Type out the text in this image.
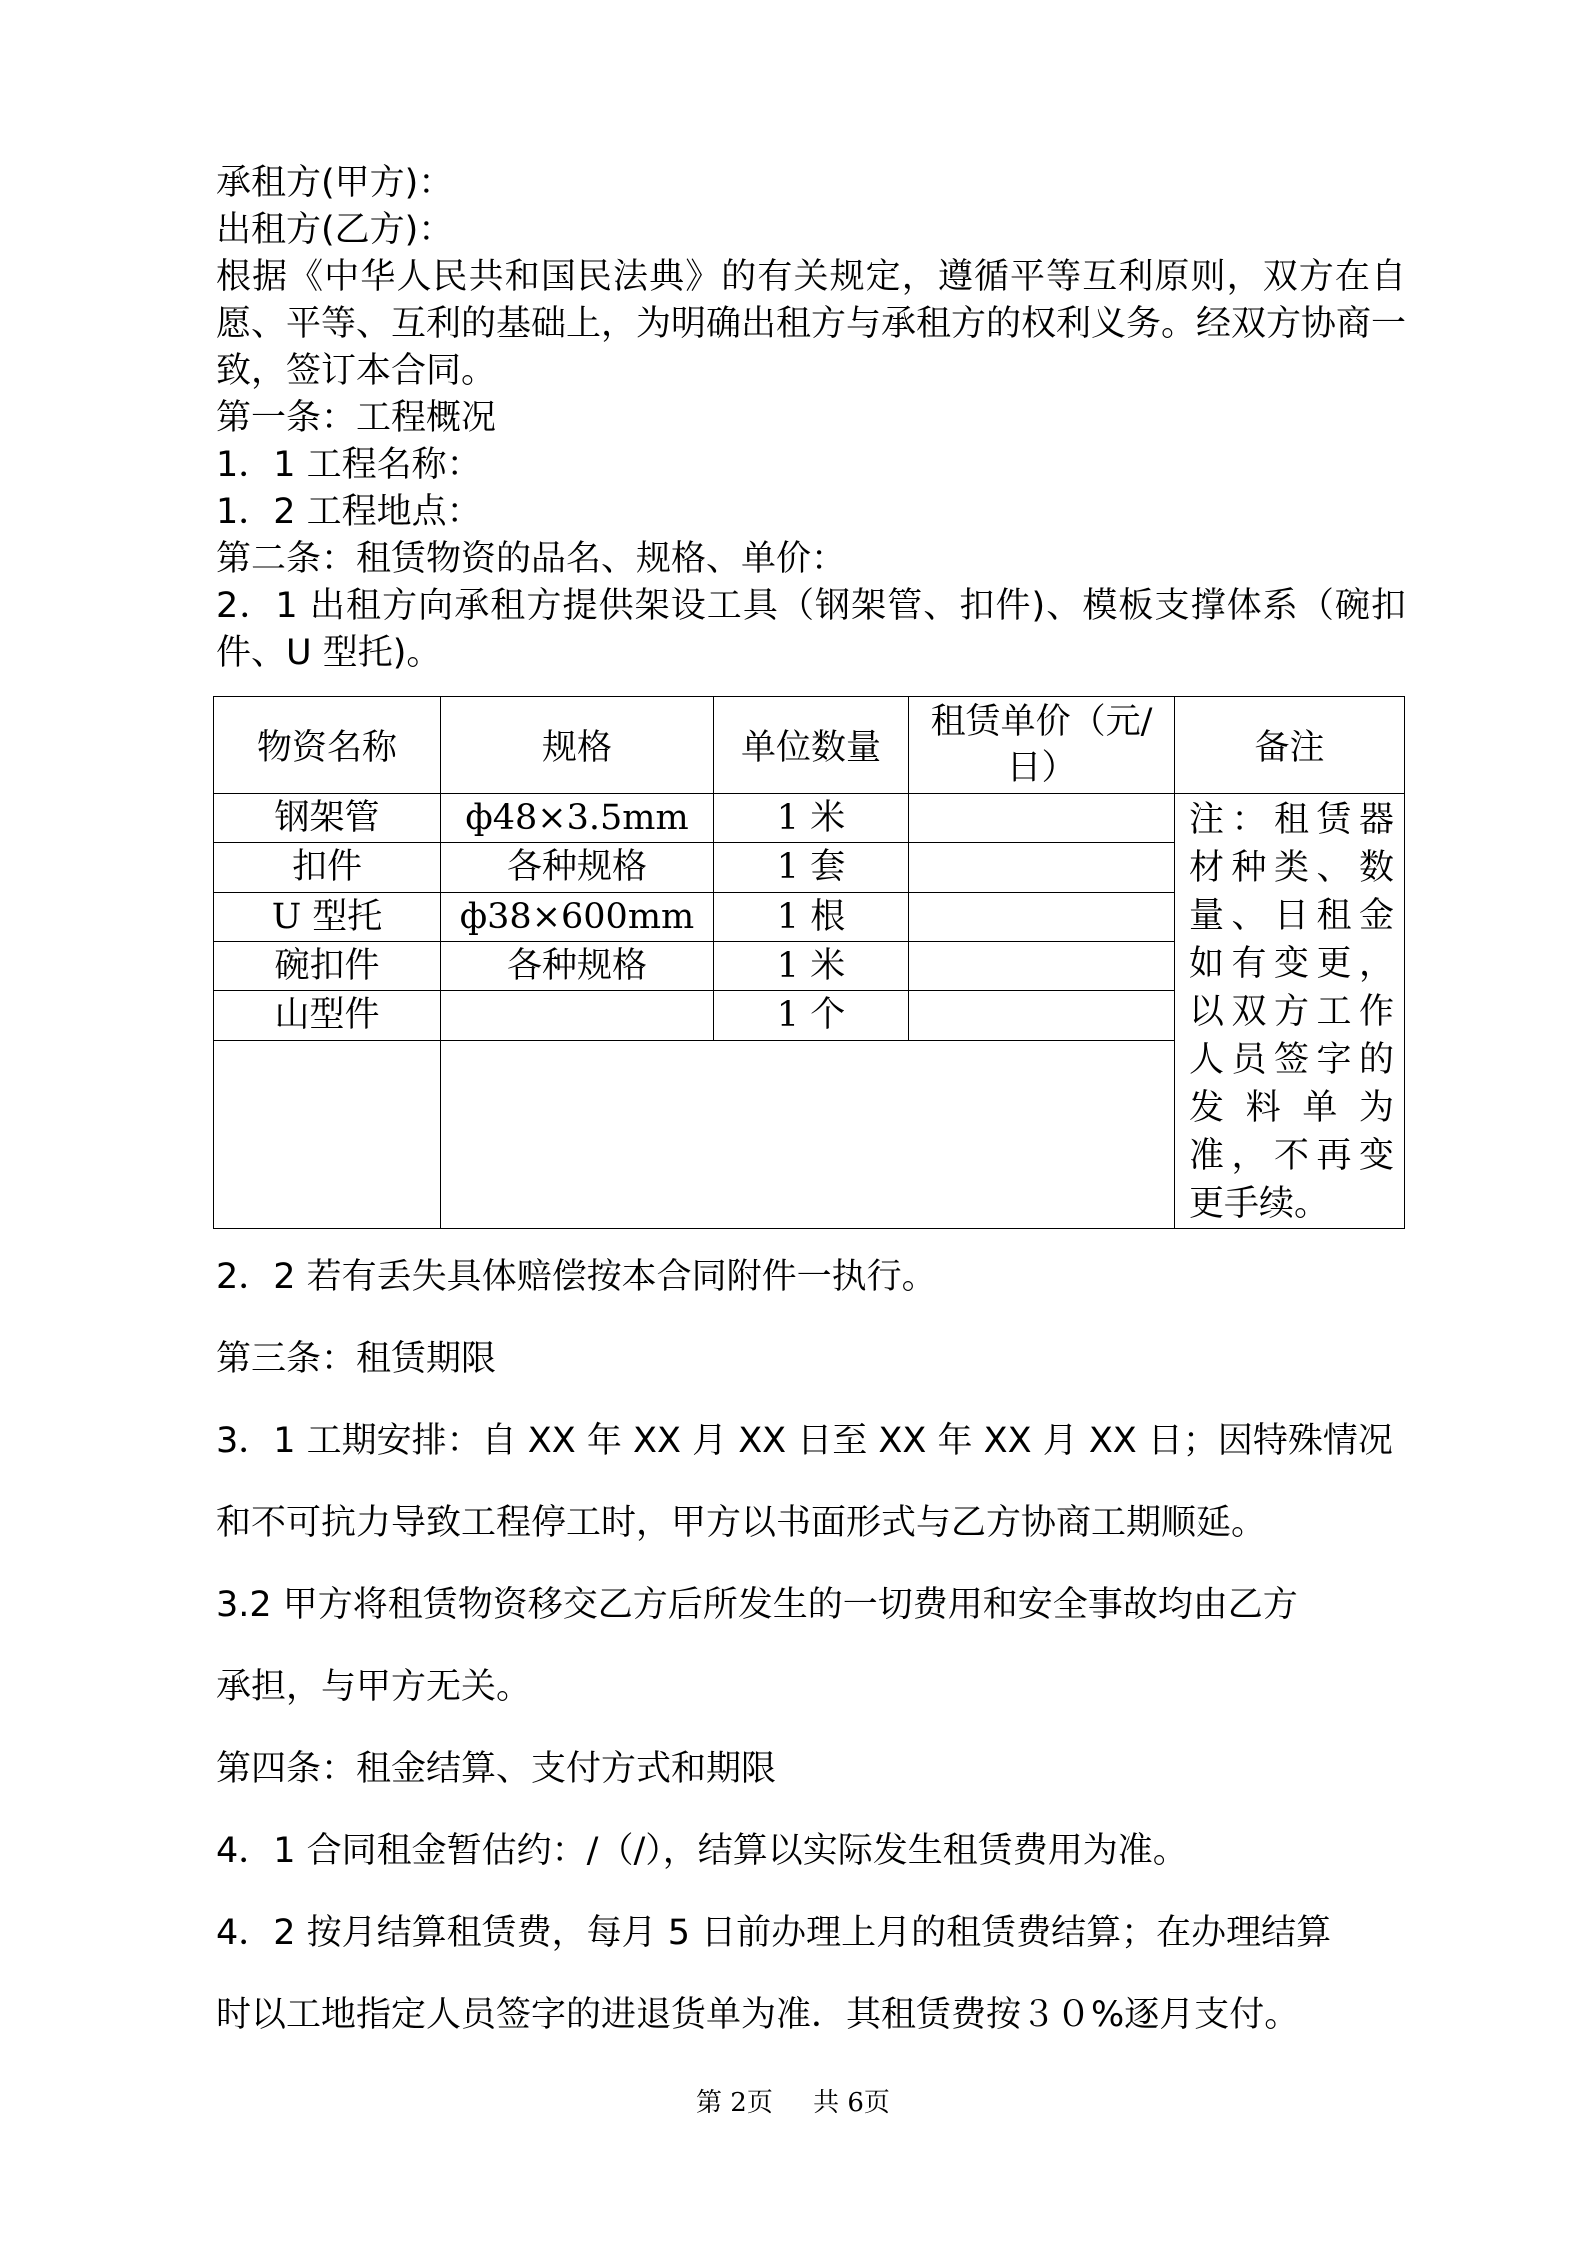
承租方(甲方)：

出租方(乙方)：

根据《中华人民共和国民法典》的有关规定，遵循平等互利原则，双方在自愿、平等、互利的基础上，为明确出租方与承租方的权利义务。经双方协商一致，签订本合同。

第一条：工程概况

1．1 工程名称：

1．2 工程地点：

第二条：租赁物资的品名、规格、单价：

2．1 出租方向承租方提供架设工具（钢架管、扣件)、模板支撑体系（碗扣件、U 型托)。

物资名称	规格	单位数量	租赁单价（元/日）	备注
钢架管	ф48×3.5mm	1 米		注：租赁器材种类、数量、日租金如有变更，以双方工作人员签字的发料单为准，不再变更手续。
扣件	各种规格	1 套		
U 型托	ф38×600mm	1 根		
碗扣件	各种规格	1 米		
山型件		1 个		

2．2 若有丢失具体赔偿按本合同附件一执行。

第三条：租赁期限

3．1 工期安排：自 XX 年 XX 月 XX 日至 XX 年 XX 月 XX 日；因特殊情况

和不可抗力导致工程停工时，甲方以书面形式与乙方协商工期顺延。

3.2 甲方将租赁物资移交乙方后所发生的一切费用和安全事故均由乙方

承担，与甲方无关。

第四条：租金结算、支付方式和期限

4．1 合同租金暂估约：/（/），结算以实际发生租赁费用为准。

4．2 按月结算租赁费，每月 5 日前办理上月的租赁费结算；在办理结算

时以工地指定人员签字的进退货单为准．其租赁费按３０%逐月支付。

第 2页 共 6页
